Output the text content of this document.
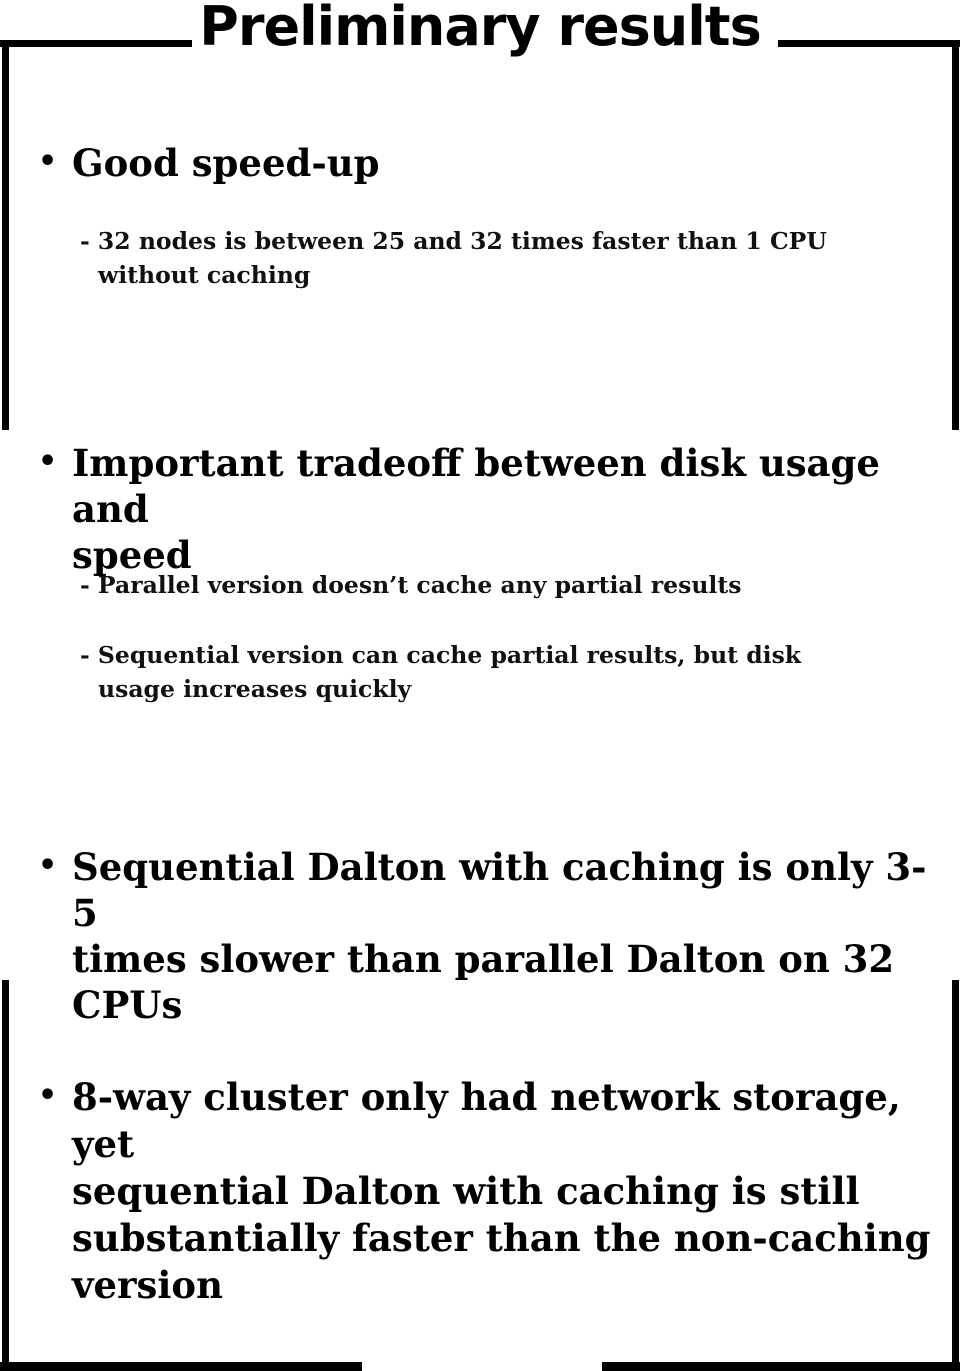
Preliminary results
• Good speed-up

- 32 nodes is between 25 and 32 times faster than 1 CPU
without caching

• Important tradeoff between disk usage and
speed

- Parallel version doesn’t cache any partial results

- Sequential version can cache partial results, but disk
usage increases quickly

• Sequential Dalton with caching is only 3-5
times slower than parallel Dalton on 32 CPUs

• 8-way cluster only had network storage, yet
sequential Dalton with caching is still
substantially faster than the non-caching
version
